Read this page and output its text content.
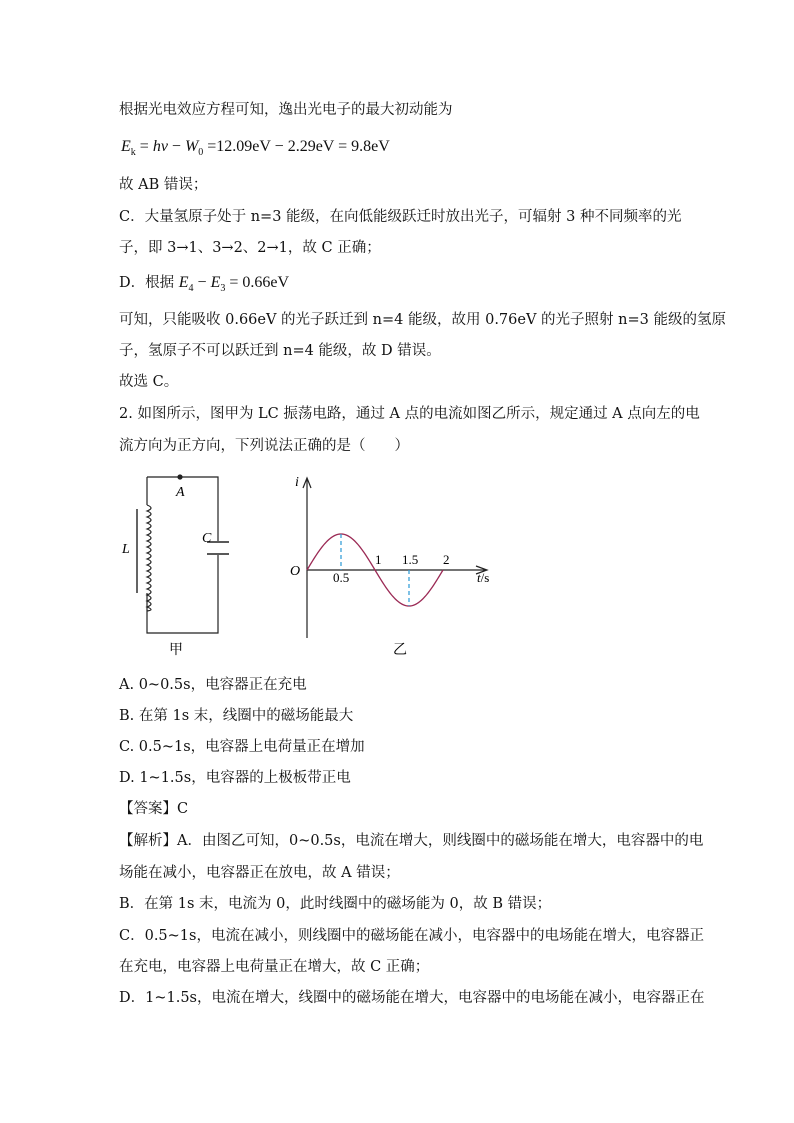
根据光电效应方程可知，逸出光电子的最大初动能为
$E_k = h\nu - W_0 =12.09eV - 2.29eV = 9.8eV$
故 AB 错误；
C．大量氢原子处于 n=3 能级，在向低能级跃迁时放出光子，可辐射 3 种不同频率的光
子，即 3→1、3→2、2→1，故 C 正确；
D．根据 $E_4 - E_3 = 0.66eV$
可知，只能吸收 0.66eV 的光子跃迁到 n=4 能级，故用 0.76eV 的光子照射 n=3 能级的氢原
子，氢原子不可以跃迁到 n=4 能级，故 D 错误。
故选 C。
2. 如图所示，图甲为 LC 振荡电路，通过 A 点的电流如图乙所示，规定通过 A 点向左的电
流方向为正方向，下列说法正确的是（　　）
A
C
L
甲
i
O	0.5
1 1.5 2
t/s
乙
A. 0~0.5s，电容器正在充电
B. 在第 1s 末，线圈中的磁场能最大
C. 0.5~1s，电容器上电荷量正在增加
D. 1~1.5s，电容器的上极板带正电
【答案】C
【解析】A．由图乙可知，0~0.5s，电流在增大，则线圈中的磁场能在增大，电容器中的电
场能在减小，电容器正在放电，故 A 错误；
B．在第 1s 末，电流为 0，此时线圈中的磁场能为 0，故 B 错误；
C．0.5~1s，电流在减小，则线圈中的磁场能在减小，电容器中的电场能在增大，电容器正
在充电，电容器上电荷量正在增大，故 C 正确；
D．1~1.5s，电流在增大，线圈中的磁场能在增大，电容器中的电场能在减小，电容器正在
